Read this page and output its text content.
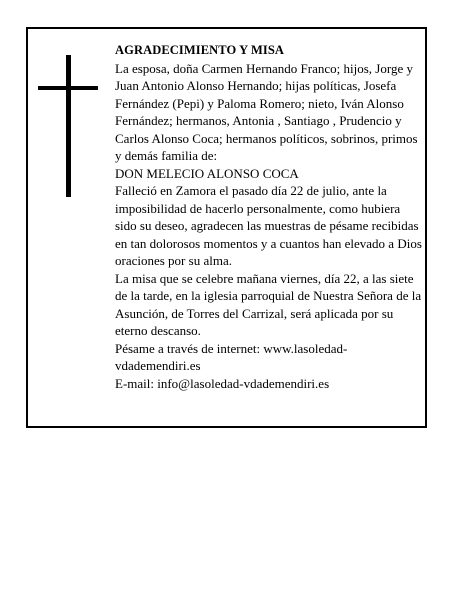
AGRADECIMIENTO Y MISA

La esposa, doña Carmen Hernando Franco; hijos, Jorge y Juan Antonio Alonso Hernando; hijas políticas, Josefa Fernández (Pepi) y Paloma Romero; nieto, Iván Alonso Fernández; hermanos, Antonia , Santiago , Prudencio y Carlos Alonso Coca; hermanos políticos, sobrinos, primos y demás familia de:

DON MELECIO ALONSO COCA

Falleció en Zamora el pasado día 22 de julio, ante la imposibilidad de hacerlo personalmente, como hubiera sido su deseo, agradecen las muestras de pésame recibidas en tan dolorosos momentos y a cuantos han elevado a Dios oraciones por su alma.

La misa que se celebre mañana viernes, día 22, a las siete de la tarde, en la iglesia parroquial de Nuestra Señora de la Asunción, de Torres del Carrizal, será aplicada por su eterno descanso.

Pésame a través de internet: www.lasoledad-vdademendiri.es

E-mail: info@lasoledad-vdademendiri.es
